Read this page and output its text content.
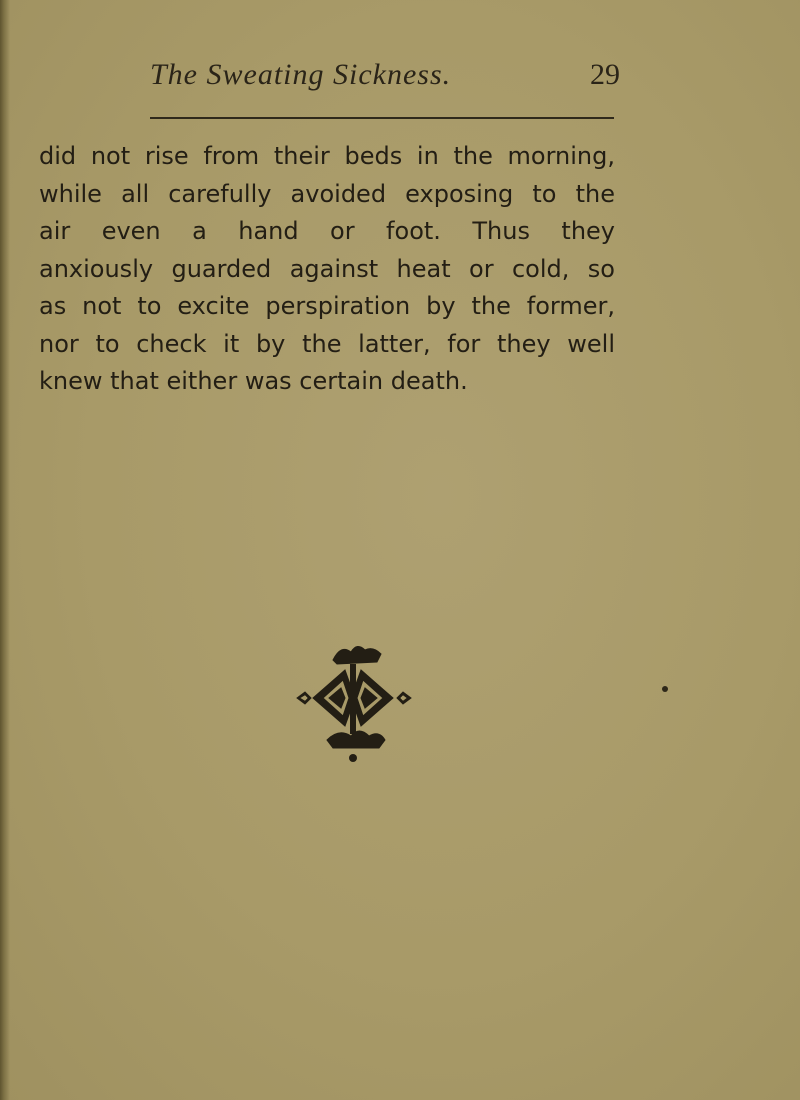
The Sweating Sickness.	29
did not rise from their beds in the morning,
while all carefully avoided exposing to the
air even a hand or foot. Thus they
anxiously guarded against heat or cold, so
as not to excite perspiration by the former,
nor to check it by the latter, for they well
knew that either was certain death.
